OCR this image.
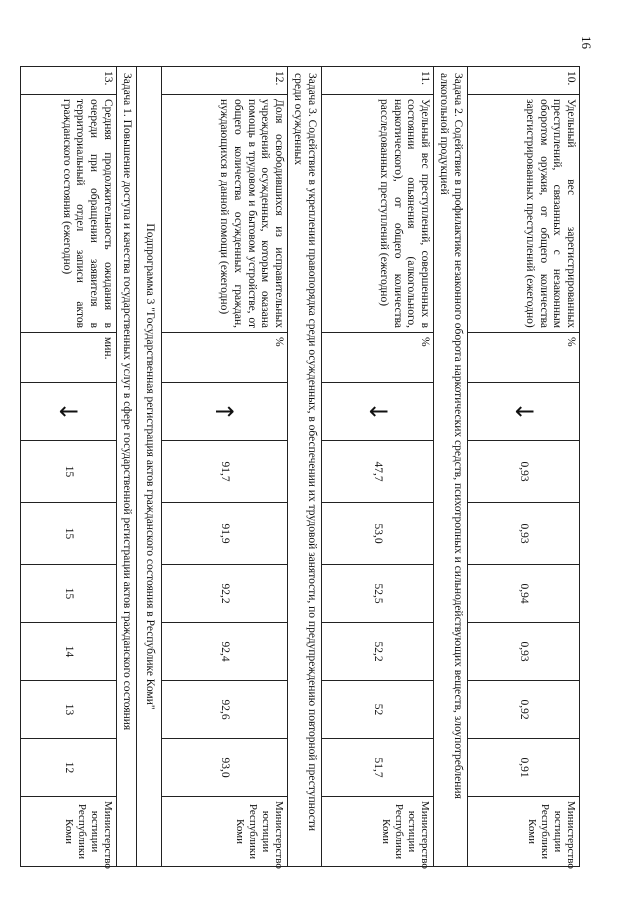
16
10.	Удельный вес зарегистрированных преступлений, связанных с незаконным оборотом оружия, от общего количества зарегистрированных преступлений (ежегодно)	%	↓	0,93	0,93	0,94	0,93	0,92	0,91	Министерство юстиции Республики Коми
Задача 2. Содействие в профилактике незаконного оборота наркотических средств, психотропных и сильнодействующих веществ, злоупотребления алкогольной продукцией										
11.	Удельный вес преступлений, совершенных в состоянии опьянения (алкогольного, наркотического), от общего количества расследованных преступлений (ежегодно)	%	↓	47,7	53,0	52,5	52,2	52	51,7	Министерство юстиции Республики Коми
Задача 3. Содействие в укреплении правопорядка среди осужденных, в обеспечении их трудовой занятости, по предупреждению повторной преступности среди осужденных										
12.	Доля освободившихся из исправительных учреждений осужденных, которым оказана помощь в трудовом и бытовом устройстве, от общего количества осужденных граждан, нуждающихся в данной помощи (ежегодно)	%	↑	91,7	91,9	92,2	92,4	92,6	93,0	Министерство юстиции Республики Коми
Подпрограмма 3 "Государственная регистрация актов гражданского состояния в Республике Коми"										
Задача 1. Повышение доступа и качества государственных услуг в сфере государственной регистрации актов гражданского состояния										
13.	Средняя продолжительность ожидания в очереди при обращении заявителя в территориальный отдел записи актов гражданского состояния (ежегодно)	мин.	↓	15	15	15	14	13	12	Министерство юстиции Республики Коми
